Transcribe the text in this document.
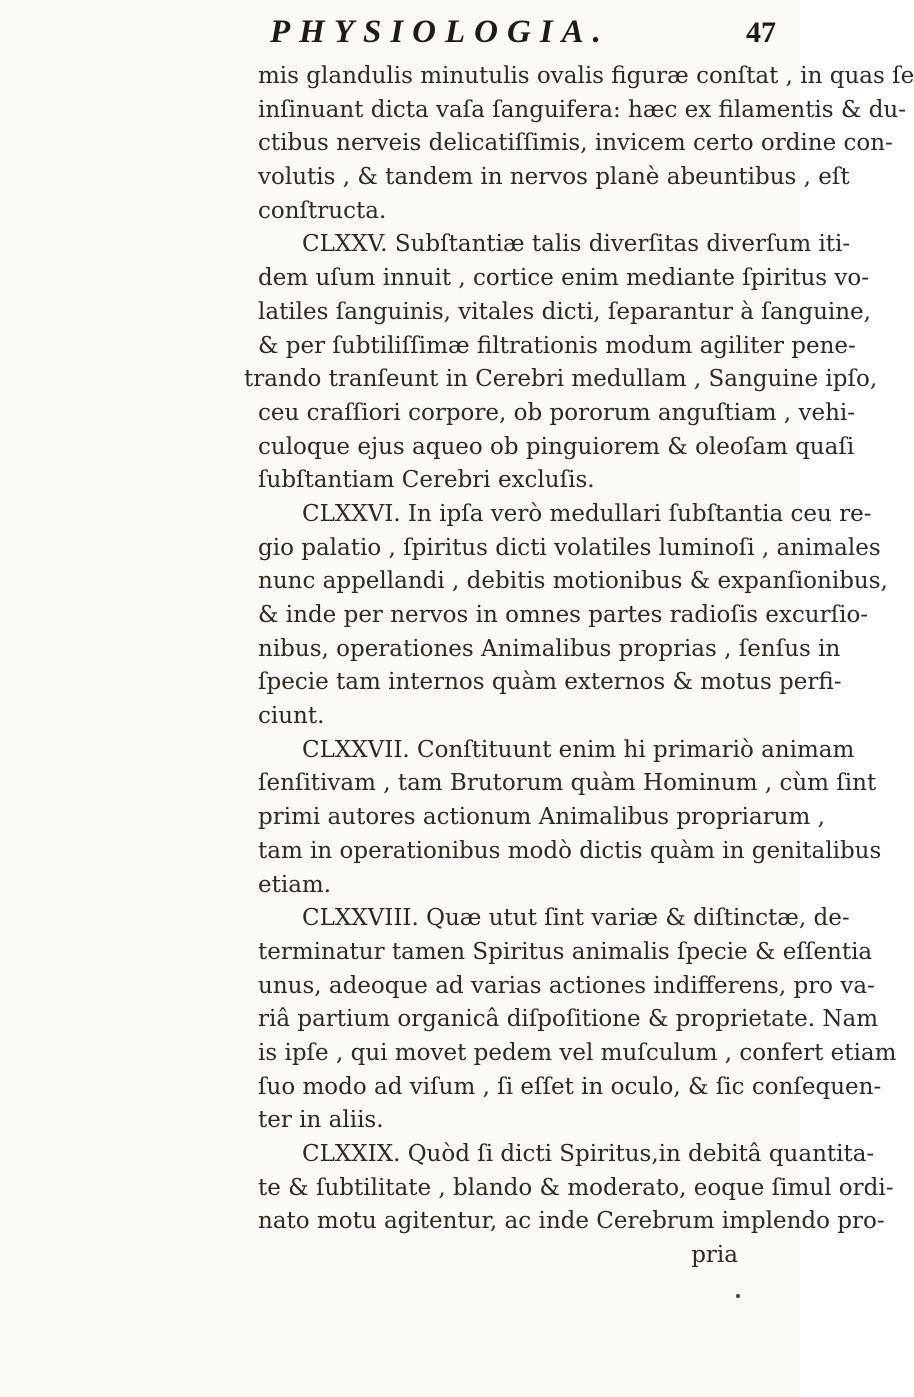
PHYSIOLOGIA.	47
mis glandulis minutulis ovalis figuræ conſtat , in quas ſe
inſinuant dicta vaſa ſanguifera: hæc ex filamentis & du-
ctibus nerveis delicatiſſimis, invicem certo ordine con-
volutis , & tandem in nervos planè abeuntibus , eſt
conſtructa.
CLXXV. Subſtantiæ talis diverſitas diverſum iti-
dem uſum innuit , cortice enim mediante ſpiritus vo-
latiles ſanguinis, vitales dicti, ſeparantur à ſanguine,
& per ſubtiliſſimæ filtrationis modum agiliter pene-
trando tranſeunt in Cerebri medullam , Sanguine ipſo,
ceu craſſiori corpore, ob pororum anguſtiam , vehi-
culoque ejus aqueo ob pinguiorem & oleoſam quaſi
ſubſtantiam Cerebri excluſis.
CLXXVI. In ipſa verò medullari ſubſtantia ceu re-
gio palatio , ſpiritus dicti volatiles luminoſi , animales
nunc appellandi , debitis motionibus & expanſionibus,
& inde per nervos in omnes partes radioſis excurſio-
nibus, operationes Animalibus proprias , ſenſus in
ſpecie tam internos quàm externos & motus perfi-
ciunt.
CLXXVII. Conſtituunt enim hi primariò animam
ſenſitivam , tam Brutorum quàm Hominum , cùm ſint
primi autores actionum Animalibus propriarum ,
tam in operationibus modò dictis quàm in genitalibus
etiam.
CLXXVIII. Quæ utut ſint variæ & diſtinctæ, de-
terminatur tamen Spiritus animalis ſpecie & eſſentia
unus, adeoque ad varias actiones indifferens, pro va-
riâ partium organicâ diſpoſitione & proprietate. Nam
is ipſe , qui movet pedem vel muſculum , confert etiam
ſuo modo ad viſum , ſi eſſet in oculo, & ſic conſequen-
ter in aliis.
CLXXIX. Quòd ſi dicti Spiritus,in debitâ quantita-
te & ſubtilitate , blando & moderato, eoque ſimul ordi-
nato motu agitentur, ac inde Cerebrum implendo pro-
pria
